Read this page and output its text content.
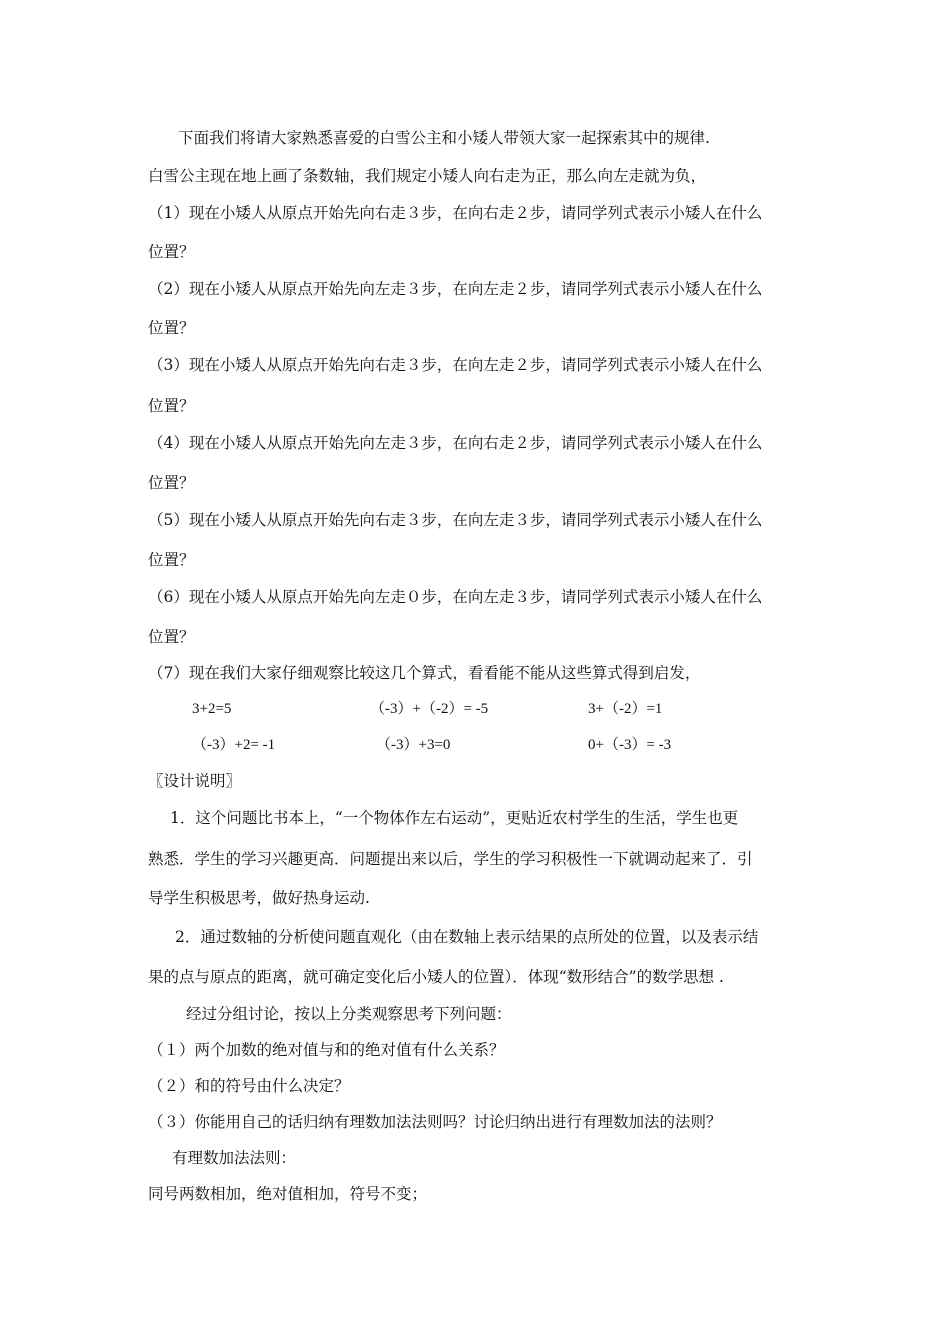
下面我们将请大家熟悉喜爱的白雪公主和小矮人带领大家一起探索其中的规律.
白雪公主现在地上画了条数轴，我们规定小矮人向右走为正，那么向左走就为负，
（1）现在小矮人从原点开始先向右走３步，在向右走２步，请同学列式表示小矮人在什么
位置？
（2）现在小矮人从原点开始先向左走３步，在向左走２步，请同学列式表示小矮人在什么
位置？
（3）现在小矮人从原点开始先向右走３步，在向左走２步，请同学列式表示小矮人在什么
位置？
（4）现在小矮人从原点开始先向左走３步，在向右走２步，请同学列式表示小矮人在什么
位置？
（5）现在小矮人从原点开始先向右走３步，在向左走３步，请同学列式表示小矮人在什么
位置？
（6）现在小矮人从原点开始先向左走０步，在向左走３步，请同学列式表示小矮人在什么
位置？
（7）现在我们大家仔细观察比较这几个算式，看看能不能从这些算式得到启发，
3+2=5	（-3）+（-2）= -5	3+（-2）=1
（-3）+2= -1	（-3）+3=0	0+（-3）= -3
〖设计说明〗
1．这个问题比书本上，“一个物体作左右运动”，更贴近农村学生的生活，学生也更
熟悉．学生的学习兴趣更高．问题提出来以后，学生的学习积极性一下就调动起来了．引
导学生积极思考，做好热身运动.
2．通过数轴的分析使问题直观化（由在数轴上表示结果的点所处的位置，以及表示结
果的点与原点的距离，就可确定变化后小矮人的位置）．体现“数形结合”的数学思想 .
经过分组讨论，按以上分类观察思考下列问题：
（１）两个加数的绝对值与和的绝对值有什么关系？
（２）和的符号由什么决定？
（３）你能用自己的话归纳有理数加法法则吗？讨论归纳出进行有理数加法的法则？
有理数加法法则：
同号两数相加，绝对值相加，符号不变；
